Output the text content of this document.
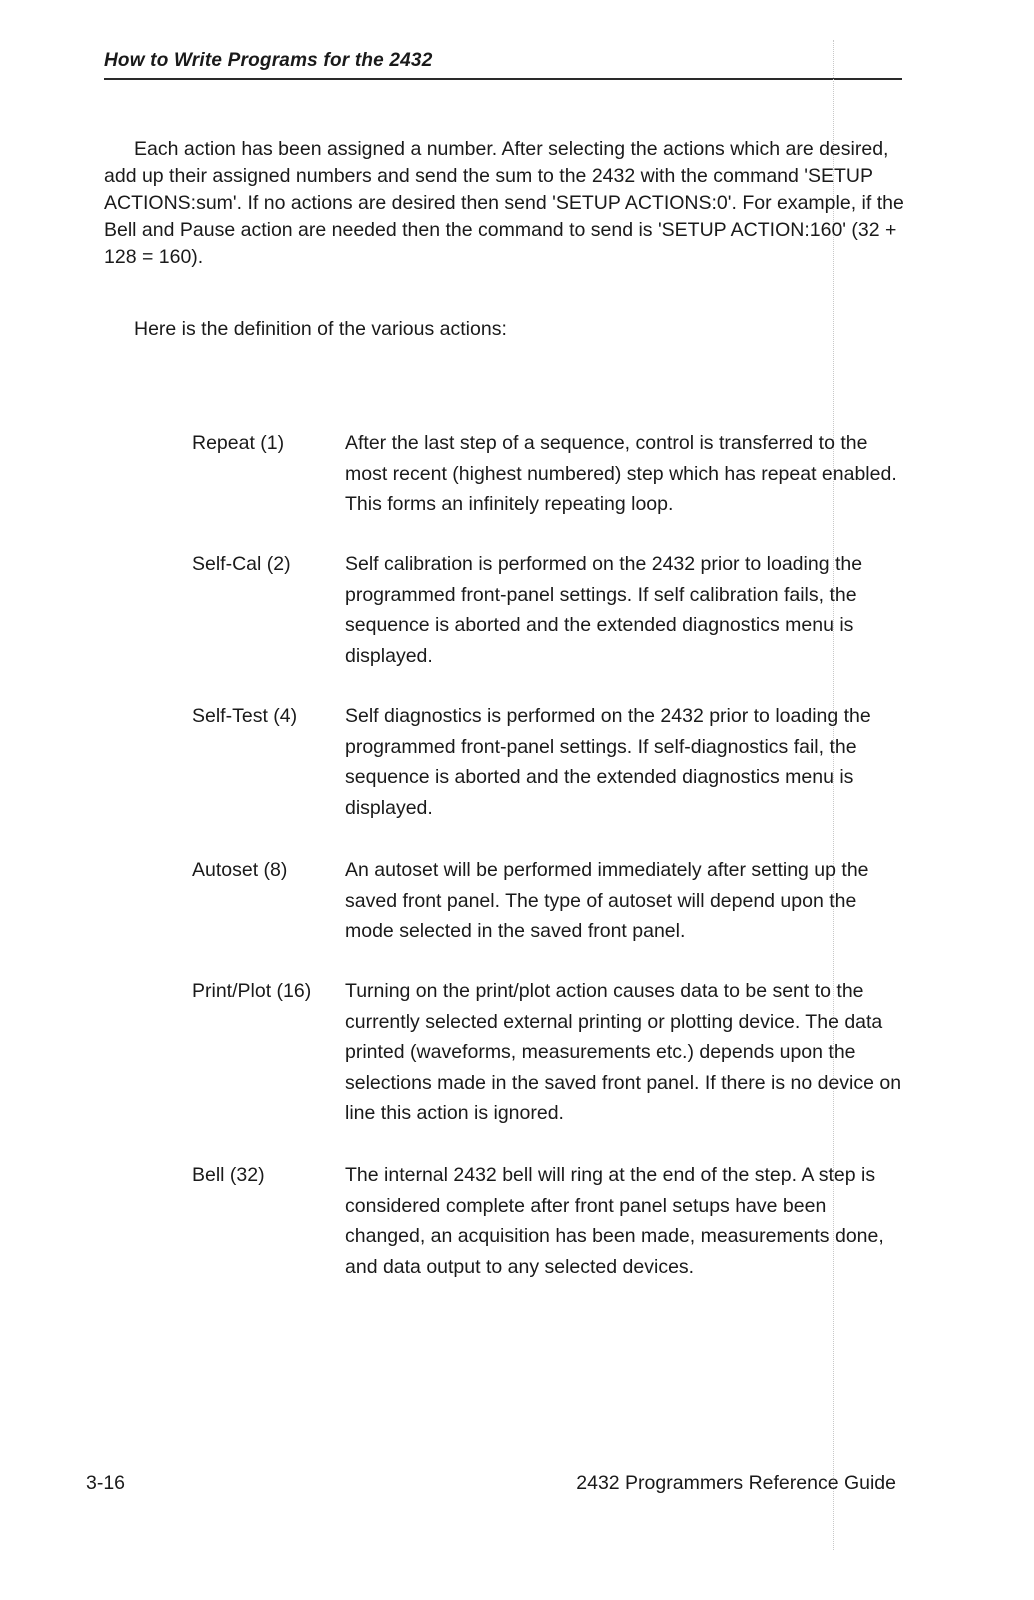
How to Write Programs for the 2432

Each action has been assigned a number. After selecting the actions which are desired, add up their assigned numbers and send the sum to the 2432 with the command 'SETUP ACTIONS:sum'. If no actions are desired then send 'SETUP ACTIONS:0'. For example, if the Bell and Pause action are needed then the command to send is 'SETUP ACTION:160' (32 + 128 = 160).

Here is the definition of the various actions:

Repeat (1)	After the last step of a sequence, control is transferred to the most recent (highest numbered) step which has repeat enabled. This forms an infinitely repeating loop.
Self-Cal (2)	Self calibration is performed on the 2432 prior to loading the programmed front-panel settings. If self calibration fails, the sequence is aborted and the extended diagnostics menu is displayed.
Self-Test (4)	Self diagnostics is performed on the 2432 prior to loading the programmed front-panel settings. If self-diagnostics fail, the sequence is aborted and the extended diagnostics menu is displayed.
Autoset (8)	An autoset will be performed immediately after setting up the saved front panel. The type of autoset will depend upon the mode selected in the saved front panel.
Print/Plot (16)	Turning on the print/plot action causes data to be sent to the currently selected external printing or plotting device. The data printed (waveforms, measurements etc.) depends upon the selections made in the saved front panel. If there is no device on line this action is ignored.
Bell (32)	The internal 2432 bell will ring at the end of the step. A step is considered complete after front panel setups have been changed, an acquisition has been made, measurements done, and data output to any selected devices.
3-16	2432 Programmers Reference Guide
